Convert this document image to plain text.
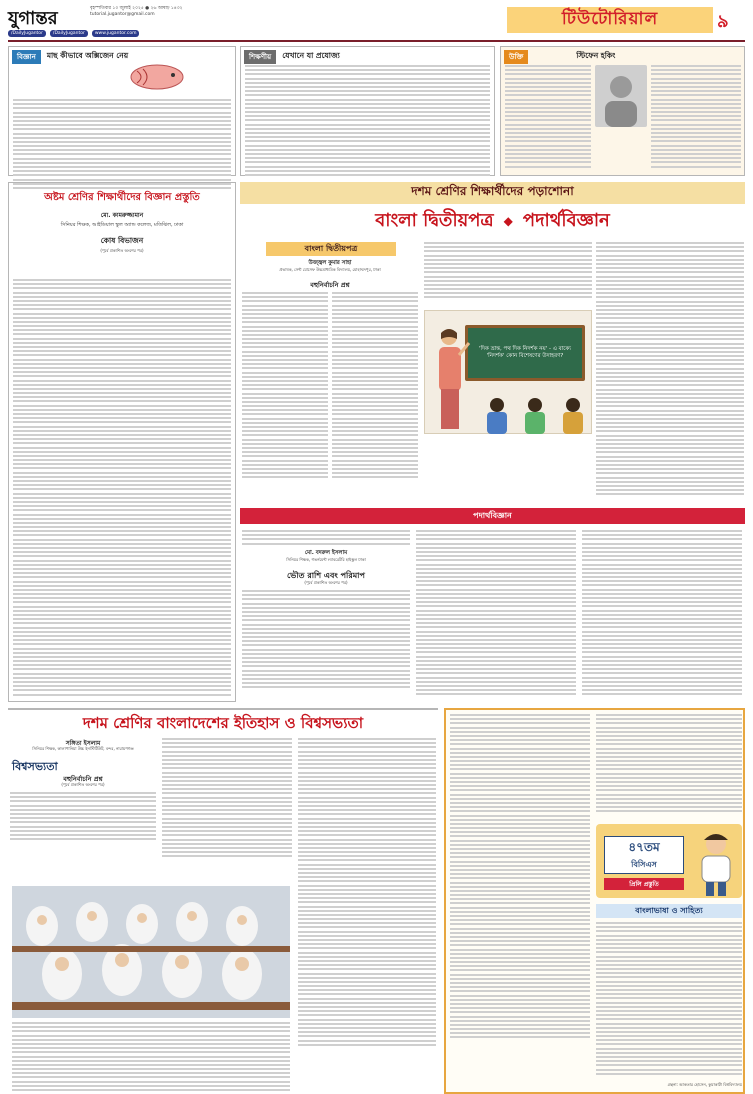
যুগান্তর	বৃহস্পতিবার ১০ জুলাই ২০২৫ ● ২৬ আষাঢ় ১৪৩২
tutorial.jugantor@gmail.com
/DailyJugantor	/DailyJugantor	www.jugantor.com
টিউটোরিয়াল	৯
বিজ্ঞান	মাছ কীভাবে অক্সিজেন নেয়	শিক্ষণীয়	যেখানে যা প্রযোজ্য	উক্তি	স্টিফেন হকিং
অষ্টম শ্রেণির শিক্ষার্থীদের বিজ্ঞান প্রস্তুতি
মো. কামরুজ্জামান
সিনিয়র শিক্ষক, আইডিয়াল স্কুল অ্যান্ড কলেজ, মতিঝিল, ঢাকা
কোষ বিভাজন
(পূর্বে প্রকাশিত অংশের পর)
দশম শ্রেণির শিক্ষার্থীদের পড়াশোনা
বাংলা দ্বিতীয়পত্র ◆ পদার্থবিজ্ঞান
বাংলা দ্বিতীয়পত্র
উজ্জ্বল কুমার সাহা
প্রভাষক, সেন্ট যোসেফ উচ্চমাধ্যমিক বিদ্যালয়, মোহাম্মদপুর, ঢাকা
বহুনির্বাচনি প্রশ্ন
'দিক ভ্রান্ত, পথ দিক নিদর্শক নয়' - এ বাক্যে 'নিদর্শক' কোন বিশেষণের উদাহরণ?
পদার্থবিজ্ঞান
মো. বদরুল ইসলাম
সিনিয়র শিক্ষক, গভর্নমেন্ট ল্যাবরেটরি হাইস্কুল ঢাকা
ভৌত রাশি এবং পরিমাপ
(পূর্বে প্রকাশিত অংশের পর)
দশম শ্রেণির বাংলাদেশের ইতিহাস ও বিশ্বসভ্যতা
সঙ্গিতা ইসলাম
সিনিয়র শিক্ষক, কালাপানিয়া উচ্চ ইনস্টিটিউট, বন্দর, নারায়ণগঞ্জ
বিশ্বসভ্যতা
বহুনির্বাচনি প্রশ্ন
(পূর্বে প্রকাশিত অংশের পর)
৪৭তম
বিসিএস
প্রিলি প্রস্তুতি
বাংলাভাষা ও সাহিত্য
গ্রন্থনা: আকতার হোসেন, কুয়াকাটা বিশ্ববিদ্যালয়
